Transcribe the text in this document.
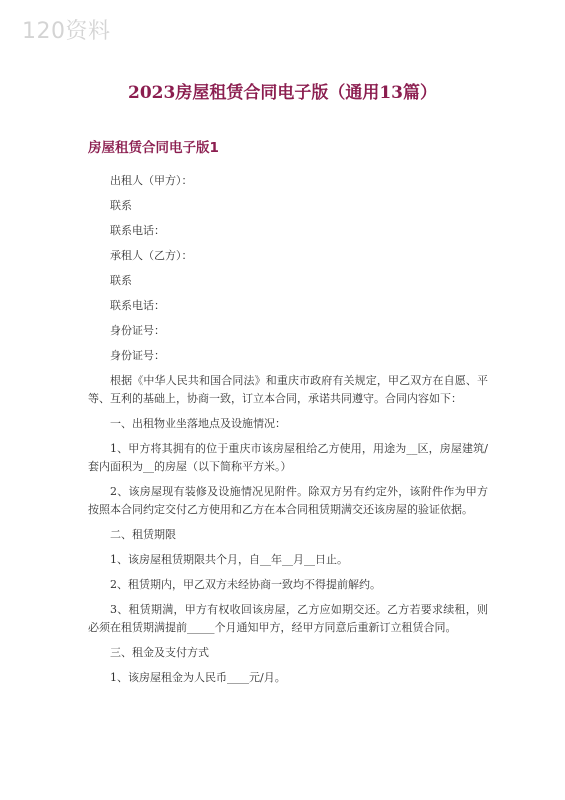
120资料
2023房屋租赁合同电子版（通用13篇）
房屋租赁合同电子版1
出租人（甲方）：
联系
联系电话：
承租人（乙方）：
联系
联系电话：
身份证号：
身份证号：
根据《中华人民共和国合同法》和重庆市政府有关规定，甲乙双方在自愿、平等、互利的基础上，协商一致，订立本合同，承诺共同遵守。合同内容如下：
一、出租物业坐落地点及设施情况：
1、甲方将其拥有的位于重庆市该房屋租给乙方使用，用途为__区，房屋建筑/套内面积为__的房屋（以下简称平方米。）
2、该房屋现有装修及设施情况见附件。除双方另有约定外，该附件作为甲方按照本合同约定交付乙方使用和乙方在本合同租赁期满交还该房屋的验证依据。
二、租赁期限
1、该房屋租赁期限共个月，自__年__月__日止。
2、租赁期内，甲乙双方未经协商一致均不得提前解约。
3、租赁期满，甲方有权收回该房屋，乙方应如期交还。乙方若要求续租，则必须在租赁期满提前_____个月通知甲方，经甲方同意后重新订立租赁合同。
三、租金及支付方式
1、该房屋租金为人民币____元/月。
